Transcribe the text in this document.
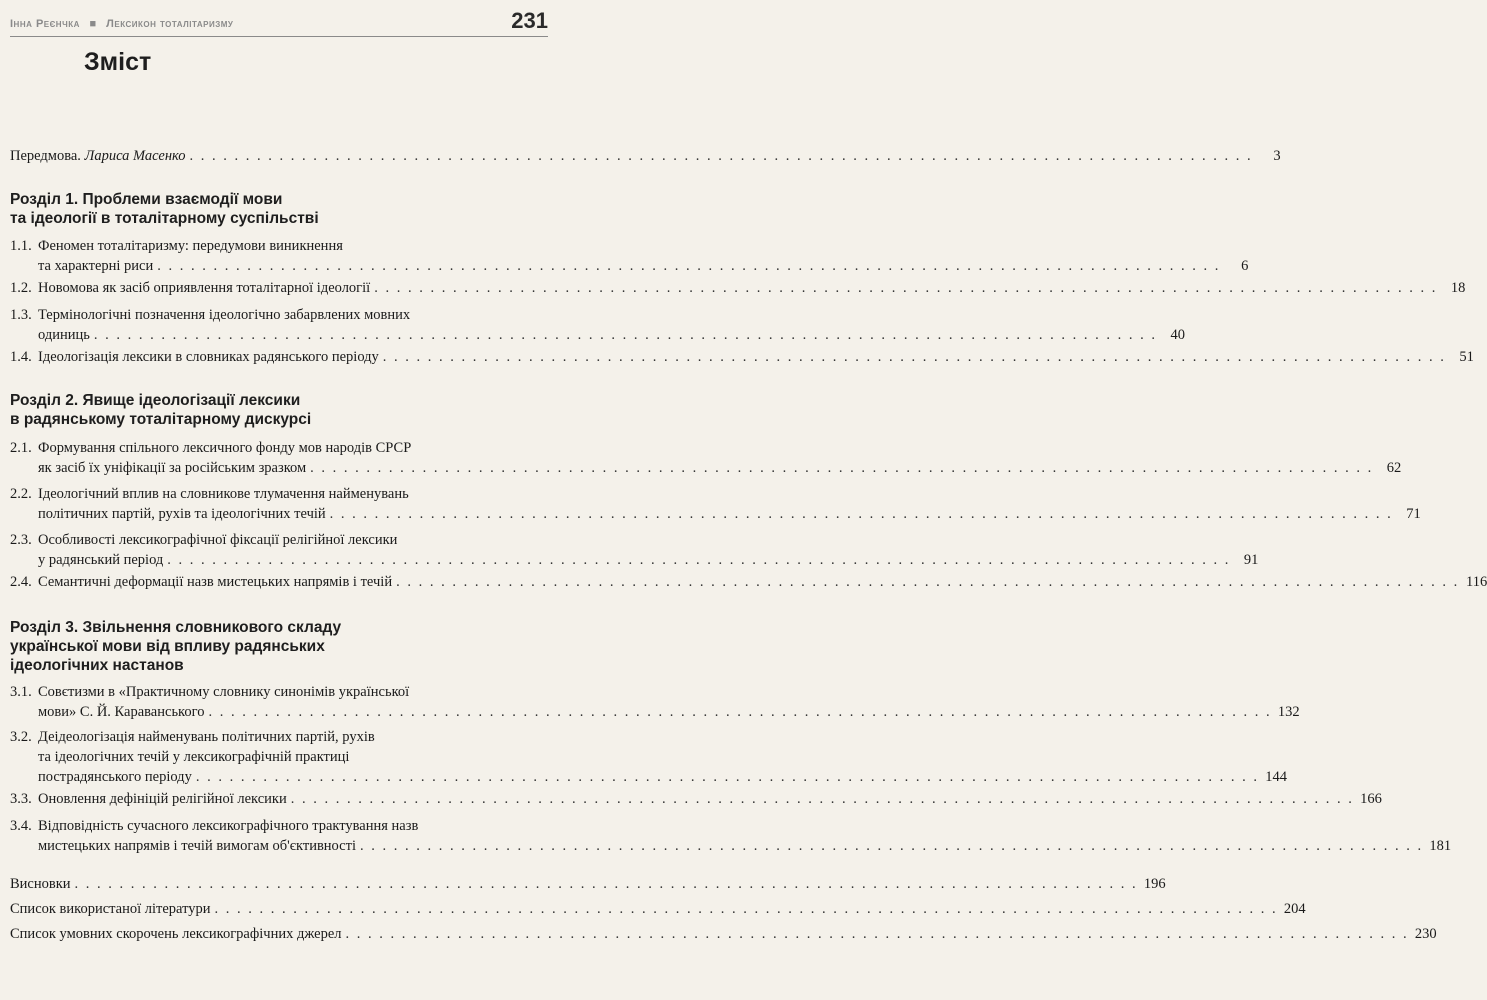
Інна Реєнчка ■ Лексикон тоталітаризму	231
Зміст
Передмова. Лариса Масенко . . .	3
Розділ 1. Проблеми взаємодії мови
та ідеології в тоталітарному суспільстві
1.1. Феномен тоталітаризму: передумови виникнення
та характерні риси . . .	6
1.2. Новомова як засіб оприявлення тоталітарної ідеології . . .	18
1.3. Термінологічні позначення ідеологічно забарвлених мовних
одиниць . . .	40
1.4. Ідеологізація лексики в словниках радянського періоду . . .	51
Розділ 2. Явище ідеологізації лексики
в радянському тоталітарному дискурсі
2.1. Формування спільного лексичного фонду мов народів СРСР
як засіб їх уніфікації за російським зразком . . .	62
2.2. Ідеологічний вплив на словникове тлумачення найменувань
політичних партій, рухів та ідеологічних течій . . .	71
2.3. Особливості лексикографічної фіксації релігійної лексики
у радянський період . . .	91
2.4. Семантичні деформації назв мистецьких напрямів і течій . . .	116
Розділ 3. Звільнення словникового складу
української мови від впливу радянських
ідеологічних настанов
3.1. Совєтизми в «Практичному словнику синонімів української
мови» С. Й. Караванського . . .	132
3.2. Деідеологізація найменувань політичних партій, рухів
та ідеологічних течій у лексикографічній практиці
пострадянського періоду . . .	144
3.3. Оновлення дефініцій релігійної лексики . . .	166
3.4. Відповідність сучасного лексикографічного трактування назв
мистецьких напрямів і течій вимогам об'єктивності . . .	181
Висновки . . .	196
Список використаної літератури . . .	204
Список умовних скорочень лексикографічних джерел . . .	230
